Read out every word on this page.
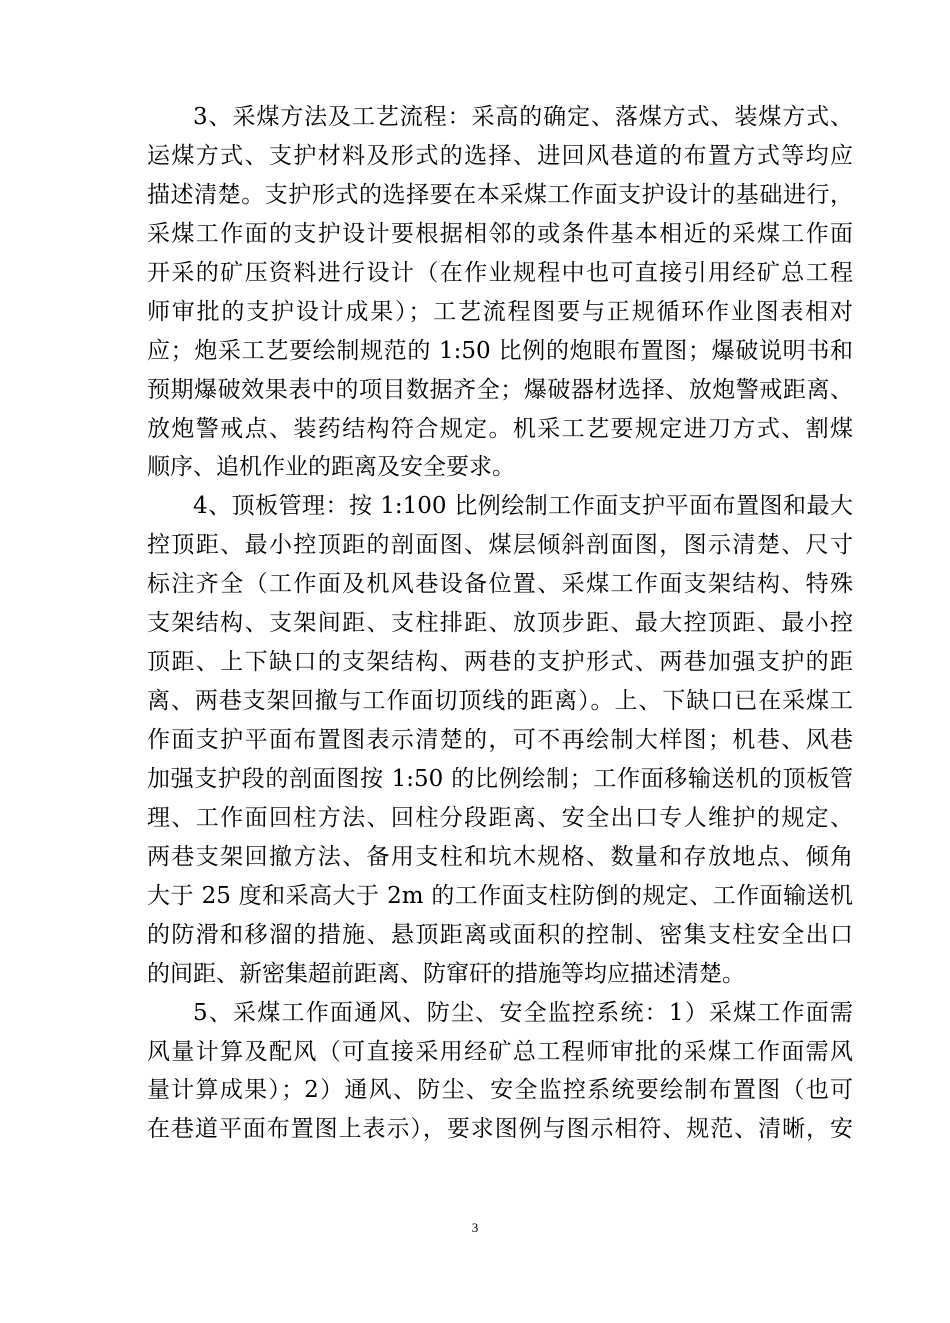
3、采煤方法及工艺流程：采高的确定、落煤方式、装煤方式、
运煤方式、支护材料及形式的选择、进回风巷道的布置方式等均应
描述清楚。支护形式的选择要在本采煤工作面支护设计的基础进行，
采煤工作面的支护设计要根据相邻的或条件基本相近的采煤工作面
开采的矿压资料进行设计（在作业规程中也可直接引用经矿总工程
师审批的支护设计成果）；工艺流程图要与正规循环作业图表相对
应；炮采工艺要绘制规范的 1:50 比例的炮眼布置图；爆破说明书和
预期爆破效果表中的项目数据齐全；爆破器材选择、放炮警戒距离、
放炮警戒点、装药结构符合规定。机采工艺要规定进刀方式、割煤
顺序、追机作业的距离及安全要求。
4、顶板管理：按 1:100 比例绘制工作面支护平面布置图和最大
控顶距、最小控顶距的剖面图、煤层倾斜剖面图，图示清楚、尺寸
标注齐全（工作面及机风巷设备位置、采煤工作面支架结构、特殊
支架结构、支架间距、支柱排距、放顶步距、最大控顶距、最小控
顶距、上下缺口的支架结构、两巷的支护形式、两巷加强支护的距
离、两巷支架回撤与工作面切顶线的距离）。上、下缺口已在采煤工
作面支护平面布置图表示清楚的，可不再绘制大样图；机巷、风巷
加强支护段的剖面图按 1:50 的比例绘制；工作面移输送机的顶板管
理、工作面回柱方法、回柱分段距离、安全出口专人维护的规定、
两巷支架回撤方法、备用支柱和坑木规格、数量和存放地点、倾角
大于 25 度和采高大于 2m 的工作面支柱防倒的规定、工作面输送机
的防滑和移溜的措施、悬顶距离或面积的控制、密集支柱安全出口
的间距、新密集超前距离、防窜矸的措施等均应描述清楚。
5、采煤工作面通风、防尘、安全监控系统：1）采煤工作面需
风量计算及配风（可直接采用经矿总工程师审批的采煤工作面需风
量计算成果）；2）通风、防尘、安全监控系统要绘制布置图（也可
在巷道平面布置图上表示），要求图例与图示相符、规范、清晰，安
3
